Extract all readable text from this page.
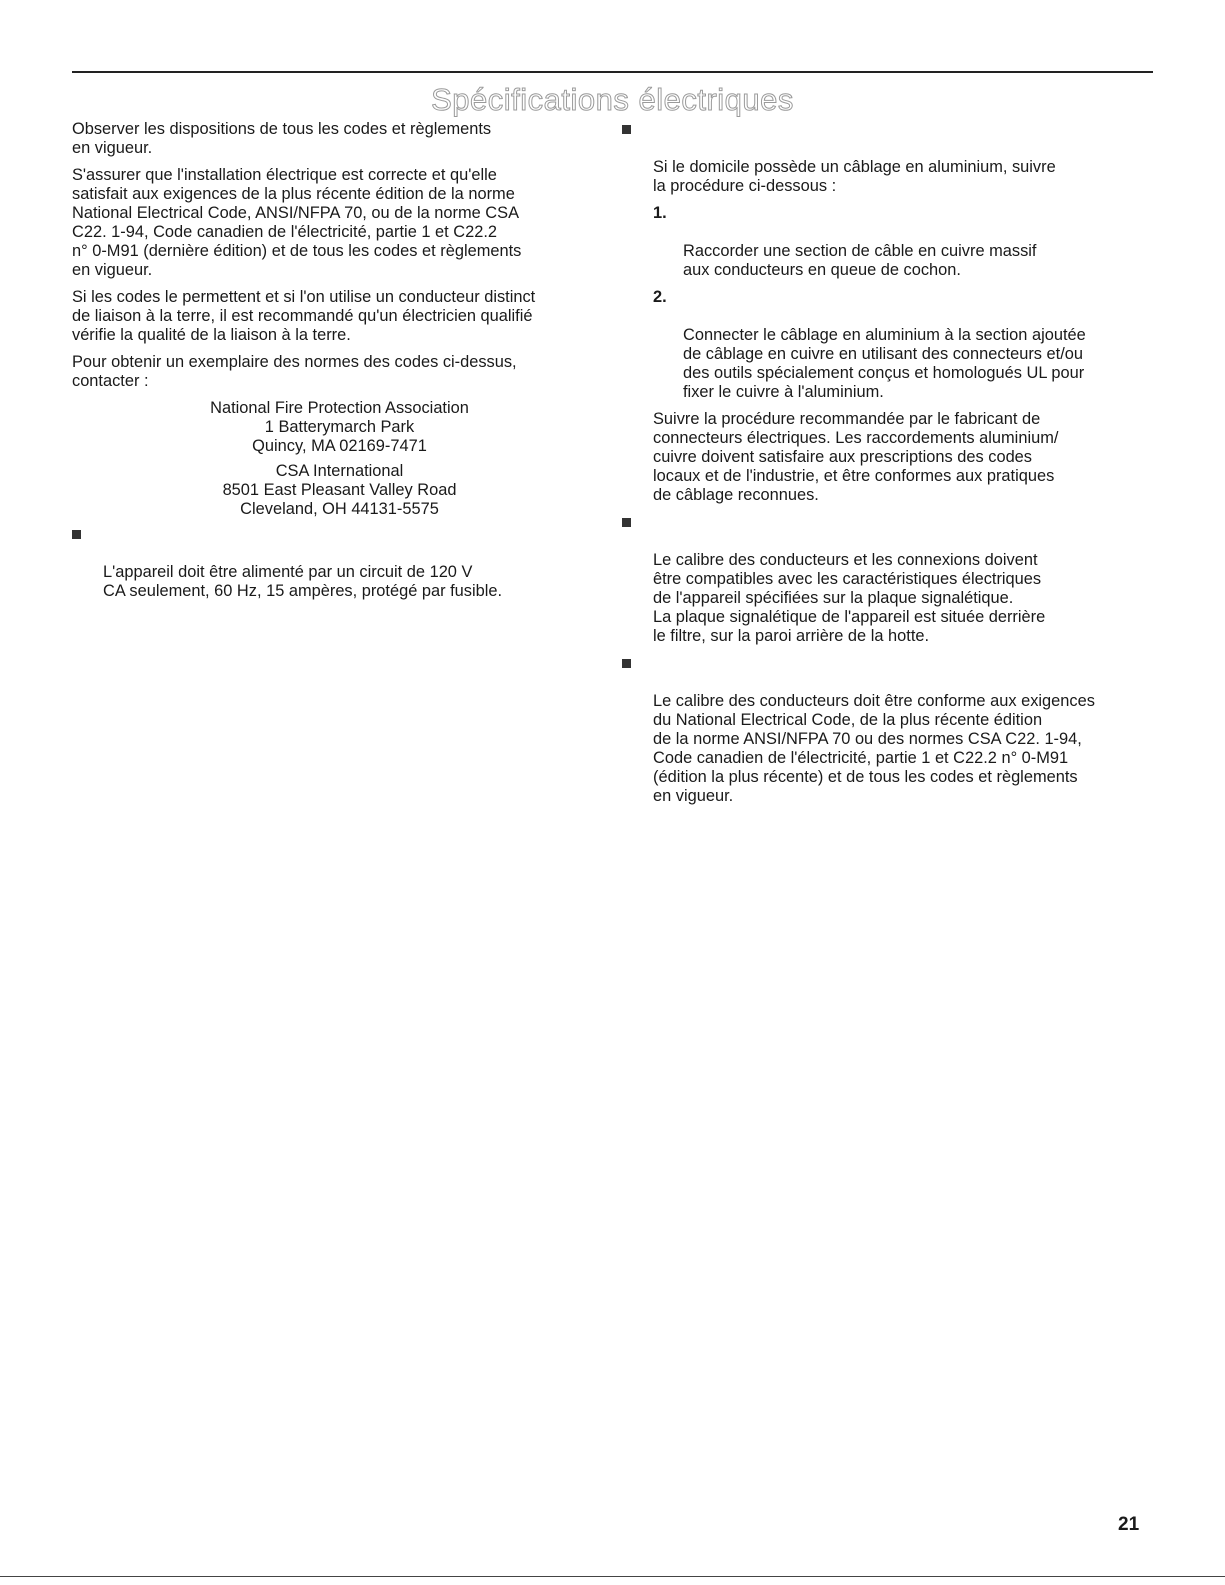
Spécifications électriques

Observer les dispositions de tous les codes et règlements
en vigueur.

S'assurer que l'installation électrique est correcte et qu'elle
satisfait aux exigences de la plus récente édition de la norme
National Electrical Code, ANSI/NFPA 70, ou de la norme CSA
C22. 1-94, Code canadien de l'électricité, partie 1 et C22.2
n° 0-M91 (dernière édition) et de tous les codes et règlements
en vigueur.

Si les codes le permettent et si l'on utilise un conducteur distinct
de liaison à la terre, il est recommandé qu'un électricien qualifié
vérifie la qualité de la liaison à la terre.

Pour obtenir un exemplaire des normes des codes ci-dessus,
contacter :

National Fire Protection Association
1 Batterymarch Park
Quincy, MA 02169-7471
CSA International
8501 East Pleasant Valley Road
Cleveland, OH 44131-5575

L'appareil doit être alimenté par un circuit de 120 V
CA seulement, 60 Hz, 15 ampères, protégé par fusible.

Si le domicile possède un câblage en aluminium, suivre
la procédure ci-dessous :

1.

Raccorder une section de câble en cuivre massif
aux conducteurs en queue de cochon.

2.

Connecter le câblage en aluminium à la section ajoutée
de câblage en cuivre en utilisant des connecteurs et/ou
des outils spécialement conçus et homologués UL pour
fixer le cuivre à l'aluminium.

Suivre la procédure recommandée par le fabricant de
connecteurs électriques. Les raccordements aluminium/
cuivre doivent satisfaire aux prescriptions des codes
locaux et de l'industrie, et être conformes aux pratiques
de câblage reconnues.

Le calibre des conducteurs et les connexions doivent
être compatibles avec les caractéristiques électriques
de l'appareil spécifiées sur la plaque signalétique.
La plaque signalétique de l'appareil est située derrière
le filtre, sur la paroi arrière de la hotte.

Le calibre des conducteurs doit être conforme aux exigences
du National Electrical Code, de la plus récente édition
de la norme ANSI/NFPA 70 ou des normes CSA C22. 1-94,
Code canadien de l'électricité, partie 1 et C22.2 n° 0-M91
(édition la plus récente) et de tous les codes et règlements
en vigueur.

21
